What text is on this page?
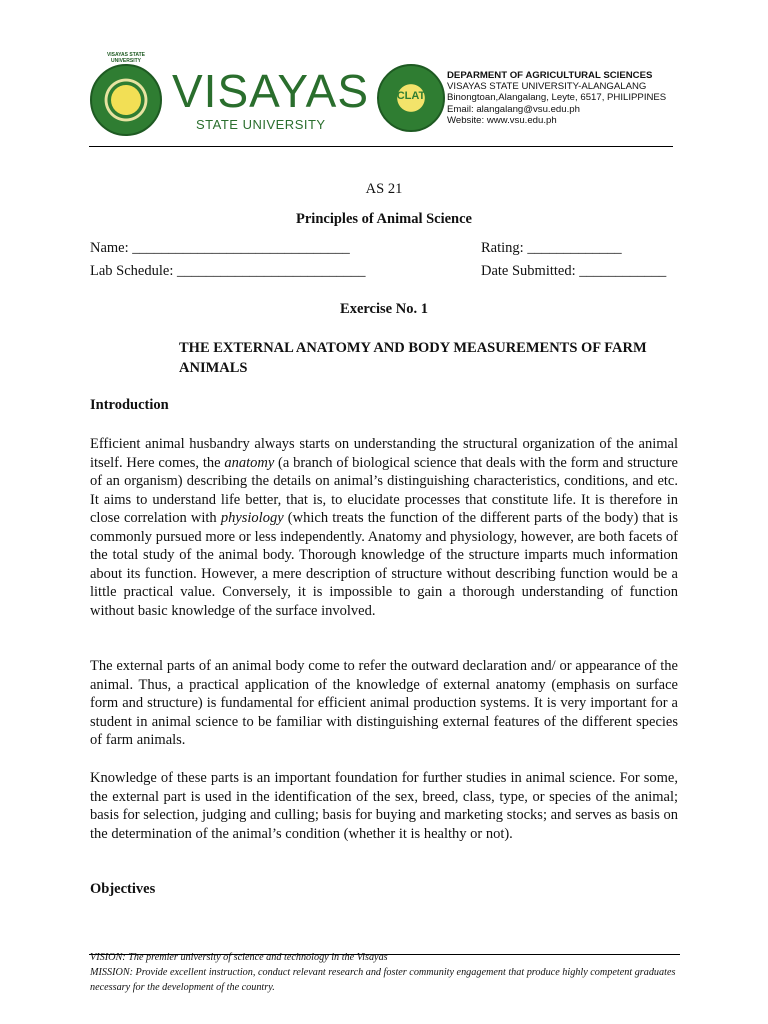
VISAYAS STATE UNIVERSITY
VISAYAS
STATE UNIVERSITY
CLAT
DEPARMENT OF AGRICULTURAL SCIENCES
VISAYAS STATE UNIVERSITY-ALANGALANG
Binongtoan,Alangalang, Leyte, 6517, PHILIPPINES
Email: alangalang@vsu.edu.ph
Website: www.vsu.edu.ph
AS 21
Principles of Animal Science
Name: ______________________________	Rating: _____________
Lab Schedule: __________________________	Date Submitted: ____________
Exercise No. 1
THE EXTERNAL ANATOMY AND BODY MEASUREMENTS OF FARM ANIMALS
Introduction
Efficient animal husbandry always starts on understanding the structural organization of the animal itself. Here comes, the anatomy (a branch of biological science that deals with the form and structure of an organism) describing the details on animal’s distinguishing characteristics, conditions, and etc. It aims to understand life better, that is, to elucidate processes that constitute life. It is therefore in close correlation with physiology (which treats the function of the different parts of the body) that is commonly pursued more or less independently. Anatomy and physiology, however, are both facets of the total study of the animal body. Thorough knowledge of the structure imparts much information about its function. However, a mere description of structure without describing function would be a little practical value. Conversely, it is impossible to gain a thorough understanding of function without basic knowledge of the surface involved.
The external parts of an animal body come to refer the outward declaration and/ or appearance of the animal. Thus, a practical application of the knowledge of external anatomy (emphasis on surface form and structure) is fundamental for efficient animal production systems. It is very important for a student in animal science to be familiar with distinguishing external features of the different species of farm animals.
Knowledge of these parts is an important foundation for further studies in animal science. For some, the external part is used in the identification of the sex, breed, class, type, or species of the animal; basis for selection, judging and culling; basis for buying and marketing stocks; and serves as basis on the determination of the animal’s condition (whether it is healthy or not).
Objectives
VISION: The premier university of science and technology in the Visayas
MISSION: Provide excellent instruction, conduct relevant research and foster community engagement that produce highly competent graduates necessary for the development of the country.
